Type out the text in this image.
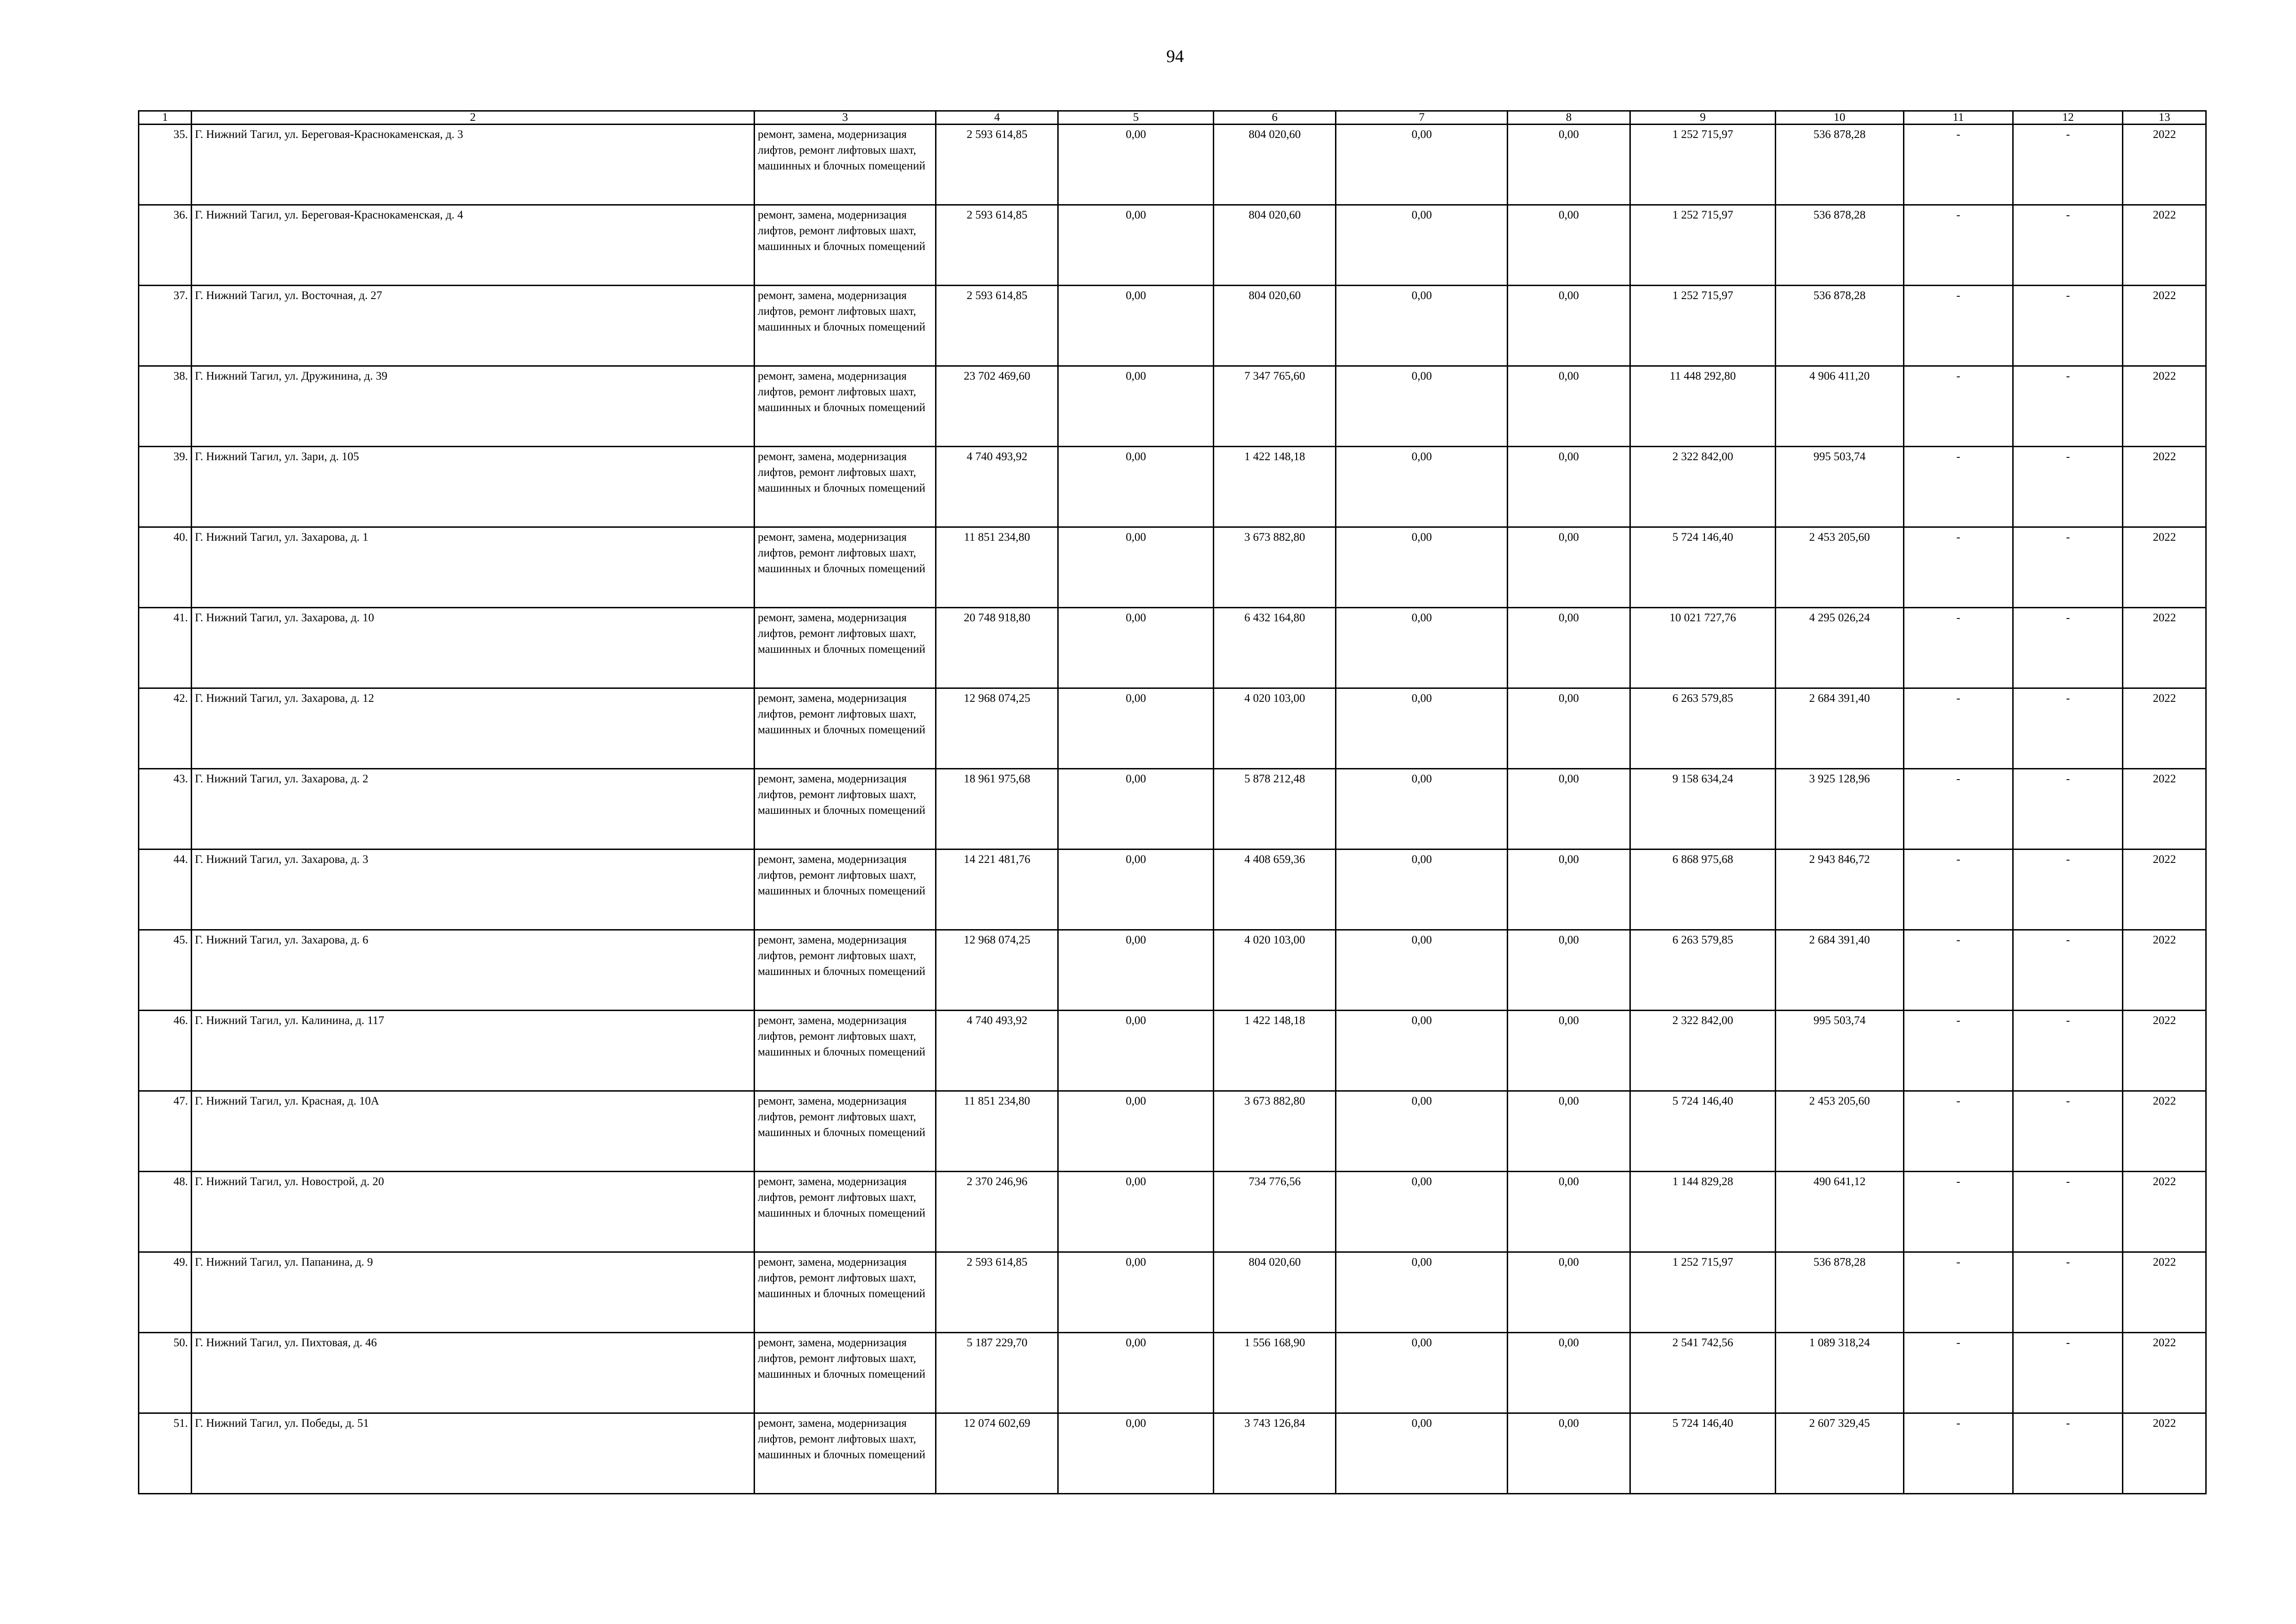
94
1	2	3	4	5	6	7	8	9	10	11	12	13
35.	Г. Нижний Тагил, ул. Береговая-Краснокаменская, д. 3	ремонт, замена, модернизация лифтов, ремонт лифтовых шахт, машинных и блочных помещений	2 593 614,85	0,00	804 020,60	0,00	0,00	1 252 715,97	536 878,28	-	-	2022
36.	Г. Нижний Тагил, ул. Береговая-Краснокаменская, д. 4	ремонт, замена, модернизация лифтов, ремонт лифтовых шахт, машинных и блочных помещений	2 593 614,85	0,00	804 020,60	0,00	0,00	1 252 715,97	536 878,28	-	-	2022
37.	Г. Нижний Тагил, ул. Восточная, д. 27	ремонт, замена, модернизация лифтов, ремонт лифтовых шахт, машинных и блочных помещений	2 593 614,85	0,00	804 020,60	0,00	0,00	1 252 715,97	536 878,28	-	-	2022
38.	Г. Нижний Тагил, ул. Дружинина, д. 39	ремонт, замена, модернизация лифтов, ремонт лифтовых шахт, машинных и блочных помещений	23 702 469,60	0,00	7 347 765,60	0,00	0,00	11 448 292,80	4 906 411,20	-	-	2022
39.	Г. Нижний Тагил, ул. Зари, д. 105	ремонт, замена, модернизация лифтов, ремонт лифтовых шахт, машинных и блочных помещений	4 740 493,92	0,00	1 422 148,18	0,00	0,00	2 322 842,00	995 503,74	-	-	2022
40.	Г. Нижний Тагил, ул. Захарова, д. 1	ремонт, замена, модернизация лифтов, ремонт лифтовых шахт, машинных и блочных помещений	11 851 234,80	0,00	3 673 882,80	0,00	0,00	5 724 146,40	2 453 205,60	-	-	2022
41.	Г. Нижний Тагил, ул. Захарова, д. 10	ремонт, замена, модернизация лифтов, ремонт лифтовых шахт, машинных и блочных помещений	20 748 918,80	0,00	6 432 164,80	0,00	0,00	10 021 727,76	4 295 026,24	-	-	2022
42.	Г. Нижний Тагил, ул. Захарова, д. 12	ремонт, замена, модернизация лифтов, ремонт лифтовых шахт, машинных и блочных помещений	12 968 074,25	0,00	4 020 103,00	0,00	0,00	6 263 579,85	2 684 391,40	-	-	2022
43.	Г. Нижний Тагил, ул. Захарова, д. 2	ремонт, замена, модернизация лифтов, ремонт лифтовых шахт, машинных и блочных помещений	18 961 975,68	0,00	5 878 212,48	0,00	0,00	9 158 634,24	3 925 128,96	-	-	2022
44.	Г. Нижний Тагил, ул. Захарова, д. 3	ремонт, замена, модернизация лифтов, ремонт лифтовых шахт, машинных и блочных помещений	14 221 481,76	0,00	4 408 659,36	0,00	0,00	6 868 975,68	2 943 846,72	-	-	2022
45.	Г. Нижний Тагил, ул. Захарова, д. 6	ремонт, замена, модернизация лифтов, ремонт лифтовых шахт, машинных и блочных помещений	12 968 074,25	0,00	4 020 103,00	0,00	0,00	6 263 579,85	2 684 391,40	-	-	2022
46.	Г. Нижний Тагил, ул. Калинина, д. 117	ремонт, замена, модернизация лифтов, ремонт лифтовых шахт, машинных и блочных помещений	4 740 493,92	0,00	1 422 148,18	0,00	0,00	2 322 842,00	995 503,74	-	-	2022
47.	Г. Нижний Тагил, ул. Красная, д. 10А	ремонт, замена, модернизация лифтов, ремонт лифтовых шахт, машинных и блочных помещений	11 851 234,80	0,00	3 673 882,80	0,00	0,00	5 724 146,40	2 453 205,60	-	-	2022
48.	Г. Нижний Тагил, ул. Новострой, д. 20	ремонт, замена, модернизация лифтов, ремонт лифтовых шахт, машинных и блочных помещений	2 370 246,96	0,00	734 776,56	0,00	0,00	1 144 829,28	490 641,12	-	-	2022
49.	Г. Нижний Тагил, ул. Папанина, д. 9	ремонт, замена, модернизация лифтов, ремонт лифтовых шахт, машинных и блочных помещений	2 593 614,85	0,00	804 020,60	0,00	0,00	1 252 715,97	536 878,28	-	-	2022
50.	Г. Нижний Тагил, ул. Пихтовая, д. 46	ремонт, замена, модернизация лифтов, ремонт лифтовых шахт, машинных и блочных помещений	5 187 229,70	0,00	1 556 168,90	0,00	0,00	2 541 742,56	1 089 318,24	-	-	2022
51.	Г. Нижний Тагил, ул. Победы, д. 51	ремонт, замена, модернизация лифтов, ремонт лифтовых шахт, машинных и блочных помещений	12 074 602,69	0,00	3 743 126,84	0,00	0,00	5 724 146,40	2 607 329,45	-	-	2022
